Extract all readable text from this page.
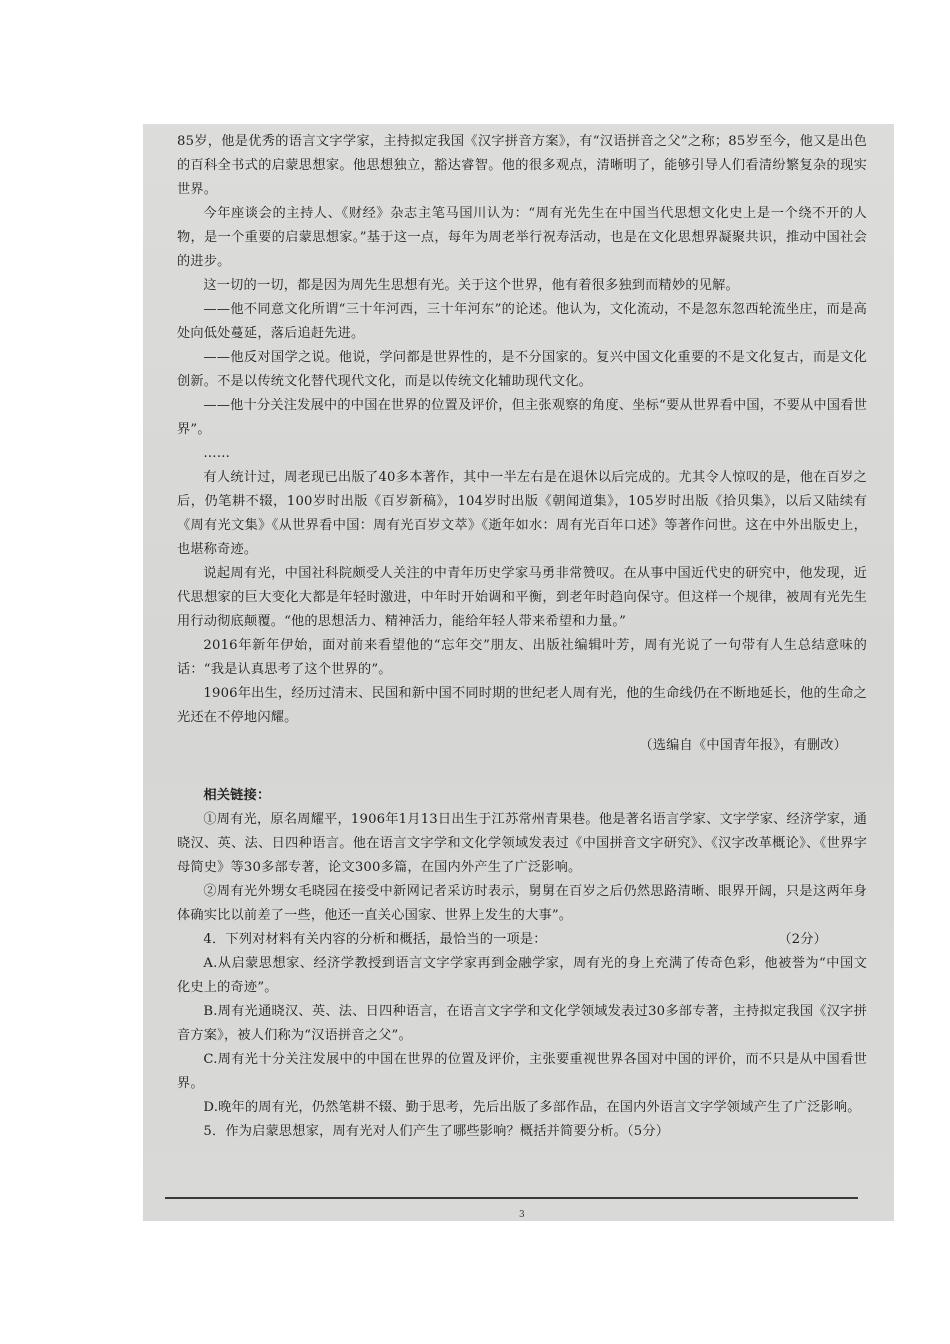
85岁，他是优秀的语言文字学家，主持拟定我国《汉字拼音方案》，有“汉语拼音之父”之称；85岁至今，他又是出色的百科全书式的启蒙思想家。他思想独立，豁达睿智。他的很多观点，清晰明了，能够引导人们看清纷繁复杂的现实世界。

今年座谈会的主持人、《财经》杂志主笔马国川认为：“周有光先生在中国当代思想文化史上是一个绕不开的人物，是一个重要的启蒙思想家。”基于这一点，每年为周老举行祝寿活动，也是在文化思想界凝聚共识，推动中国社会的进步。

这一切的一切，都是因为周先生思想有光。关于这个世界，他有着很多独到而精妙的见解。

——他不同意文化所谓“三十年河西，三十年河东”的论述。他认为，文化流动，不是忽东忽西轮流坐庄，而是高处向低处蔓延，落后追赶先进。

——他反对国学之说。他说，学问都是世界性的，是不分国家的。复兴中国文化重要的不是文化复古，而是文化创新。不是以传统文化替代现代文化，而是以传统文化辅助现代文化。

——他十分关注发展中的中国在世界的位置及评价，但主张观察的角度、坐标“要从世界看中国，不要从中国看世界”。

……

有人统计过，周老现已出版了40多本著作，其中一半左右是在退休以后完成的。尤其令人惊叹的是，他在百岁之后，仍笔耕不辍，100岁时出版《百岁新稿》，104岁时出版《朝闻道集》，105岁时出版《拾贝集》，以后又陆续有《周有光文集》《从世界看中国：周有光百岁文萃》《逝年如水：周有光百年口述》等著作问世。这在中外出版史上，也堪称奇迹。

说起周有光，中国社科院颇受人关注的中青年历史学家马勇非常赞叹。在从事中国近代史的研究中，他发现，近代思想家的巨大变化大都是年轻时激进，中年时开始调和平衡，到老年时趋向保守。但这样一个规律，被周有光先生用行动彻底颠覆。“他的思想活力、精神活力，能给年轻人带来希望和力量。”

2016年新年伊始，面对前来看望他的“忘年交”朋友、出版社编辑叶芳，周有光说了一句带有人生总结意味的话：“我是认真思考了这个世界的”。

1906年出生，经历过清末、民国和新中国不同时期的世纪老人周有光，他的生命线仍在不断地延长，他的生命之光还在不停地闪耀。

（选编自《中国青年报》，有删改）

相关链接：

①周有光，原名周耀平，1906年1月13日出生于江苏常州青果巷。他是著名语言学家、文字学家、经济学家，通晓汉、英、法、日四种语言。他在语言文字学和文化学领域发表过《中国拼音文字研究》、《汉字改革概论》、《世界字母简史》等30多部专著，论文300多篇，在国内外产生了广泛影响。

②周有光外甥女毛晓园在接受中新网记者采访时表示，舅舅在百岁之后仍然思路清晰、眼界开阔，只是这两年身体确实比以前差了一些，他还一直关心国家、世界上发生的大事”。

4．下列对材料有关内容的分析和概括，最恰当的一项是：	（2分）

A.从启蒙思想家、经济学教授到语言文字学家再到金融学家，周有光的身上充满了传奇色彩，他被誉为“中国文化史上的奇迹”。

B.周有光通晓汉、英、法、日四种语言，在语言文字学和文化学领域发表过30多部专著，主持拟定我国《汉字拼音方案》，被人们称为“汉语拼音之父”。

C.周有光十分关注发展中的中国在世界的位置及评价，主张要重视世界各国对中国的评价，而不只是从中国看世界。

D.晚年的周有光，仍然笔耕不辍、勤于思考，先后出版了多部作品，在国内外语言文字学领域产生了广泛影响。

5．作为启蒙思想家，周有光对人们产生了哪些影响？概括并简要分析。（5分）

3
